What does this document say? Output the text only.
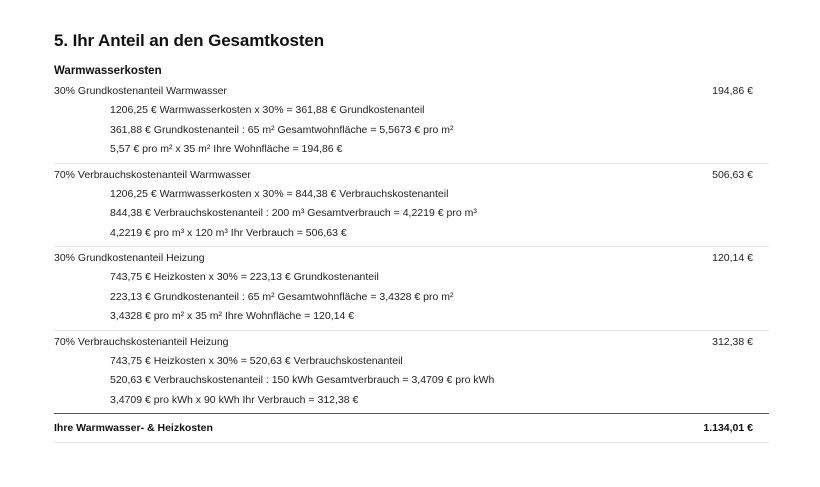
5. Ihr Anteil an den Gesamtkosten
Warmwasserkosten
30% Grundkostenanteil Warmwasser	194,86 €
1206,25 € Warmwasserkosten x 30% = 361,88 € Grundkostenanteil
361,88 € Grundkostenanteil : 65 m² Gesamtwohnfläche = 5,5673 € pro m²
5,57 € pro m² x 35 m² Ihre Wohnfläche = 194,86 €
70% Verbrauchskostenanteil Warmwasser	506,63 €
1206,25 € Warmwasserkosten x 30% = 844,38 € Verbrauchskostenanteil
844,38 € Verbrauchskostenanteil : 200 m³ Gesamtverbrauch = 4,2219 € pro m³
4,2219 € pro m³ x 120 m³ Ihr Verbrauch = 506,63 €
30% Grundkostenanteil Heizung	120,14 €
743,75 € Heizkosten x 30% = 223,13 € Grundkostenanteil
223,13 € Grundkostenanteil : 65 m² Gesamtwohnfläche = 3,4328 € pro m²
3,4328 € pro m² x 35 m² Ihre Wohnfläche = 120,14 €
70% Verbrauchskostenanteil Heizung	312,38 €
743,75 € Heizkosten x 30% = 520,63 € Verbrauchskostenanteil
520,63 € Verbrauchskostenanteil : 150 kWh Gesamtverbrauch = 3,4709 € pro kWh
3,4709 € pro kWh x 90 kWh Ihr Verbrauch = 312,38 €
Ihre Warmwasser- & Heizkosten	1.134,01 €
